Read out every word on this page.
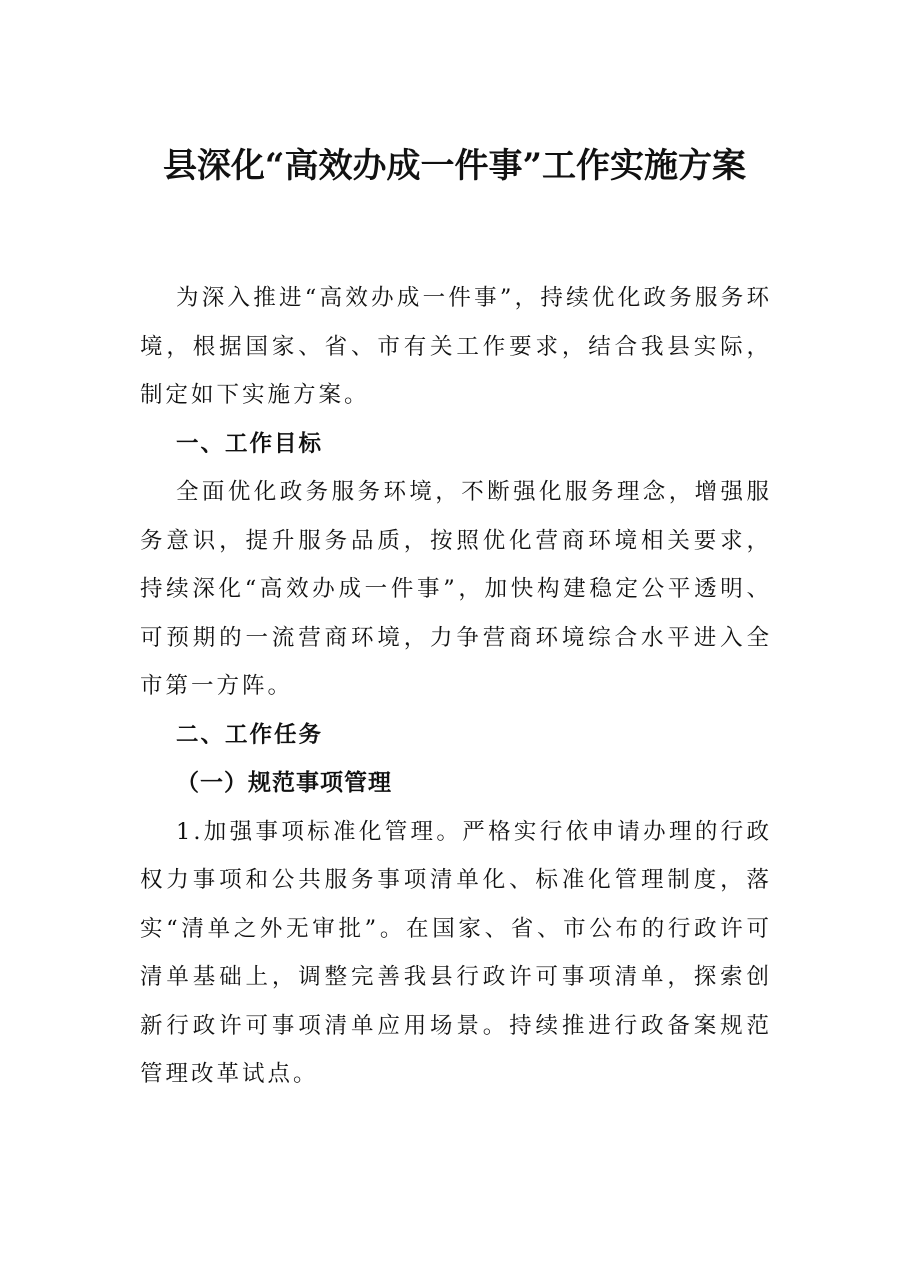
县深化“高效办成一件事”工作实施方案

为深入推进“高效办成一件事”，持续优化政务服务环境，根据国家、省、市有关工作要求，结合我县实际，制定如下实施方案。

一、工作目标

全面优化政务服务环境，不断强化服务理念，增强服务意识，提升服务品质，按照优化营商环境相关要求，持续深化“高效办成一件事”，加快构建稳定公平透明、可预期的一流营商环境，力争营商环境综合水平进入全市第一方阵。

二、工作任务

（一）规范事项管理

1.加强事项标准化管理。严格实行依申请办理的行政权力事项和公共服务事项清单化、标准化管理制度，落实“清单之外无审批”。在国家、省、市公布的行政许可清单基础上，调整完善我县行政许可事项清单，探索创新行政许可事项清单应用场景。持续推进行政备案规范管理改革试点。
